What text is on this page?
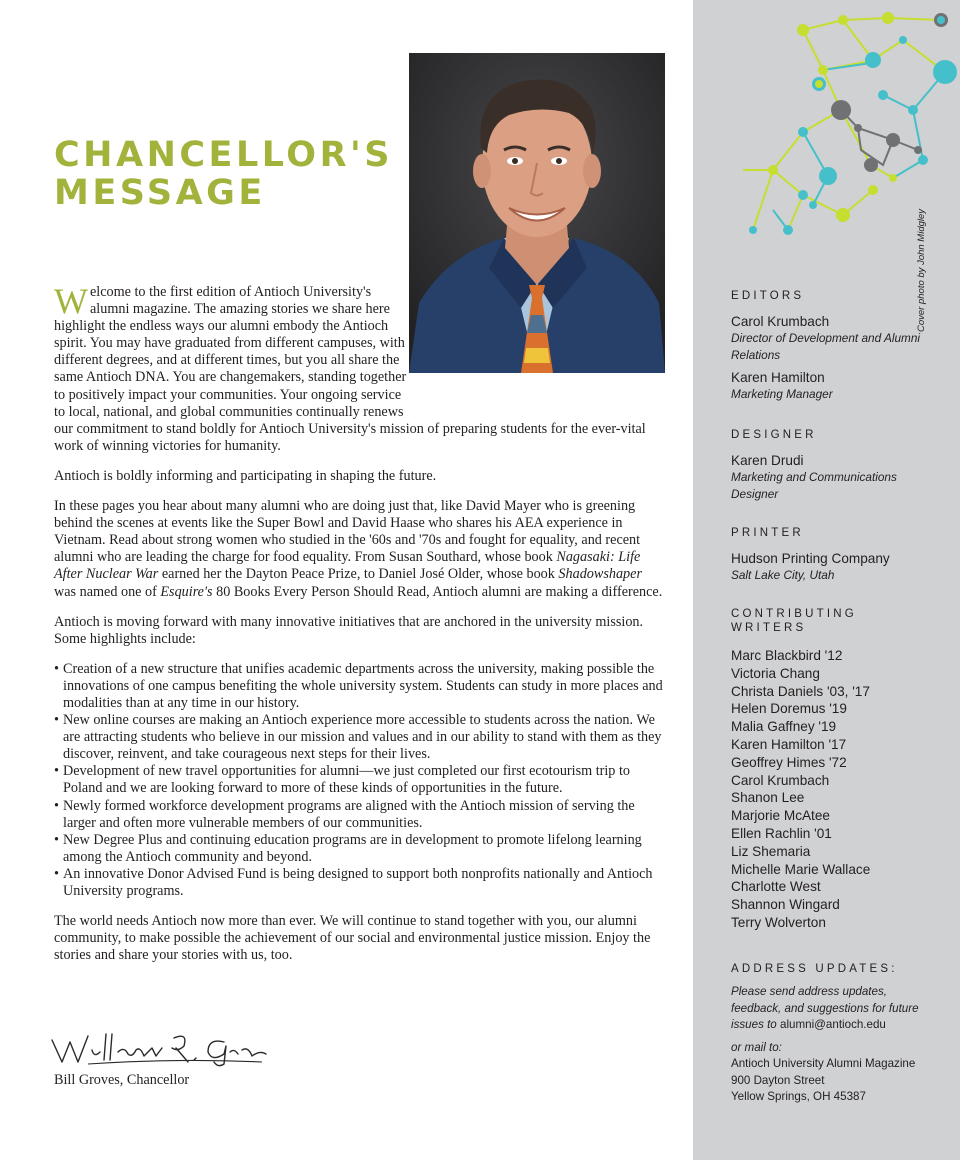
CHANCELLOR'S MESSAGE

Welcome to the first edition of Antioch University's alumni magazine. The amazing stories we share here highlight the endless ways our alumni embody the Antioch spirit. You may have graduated from different campuses, with different degrees, and at different times, but you all share the same Antioch DNA. You are changemakers, standing together to positively impact your communities. Your ongoing service to local, national, and global communities continually renews our commitment to stand boldly for Antioch University's mission of preparing students for the ever-vital work of winning victories for humanity.

Antioch is boldly informing and participating in shaping the future.

In these pages you hear about many alumni who are doing just that, like David Mayer who is greening behind the scenes at events like the Super Bowl and David Haase who shares his AEA experience in Vietnam. Read about strong women who studied in the '60s and '70s and fought for equality, and recent alumni who are leading the charge for food equality. From Susan Southard, whose book Nagasaki: Life After Nuclear War earned her the Dayton Peace Prize, to Daniel José Older, whose book Shadowshaper was named one of Esquire's 80 Books Every Person Should Read, Antioch alumni are making a difference.

Antioch is moving forward with many innovative initiatives that are anchored in the university mission. Some highlights include:

• Creation of a new structure that unifies academic departments across the university, making possible the innovations of one campus benefiting the whole university system. Students can study in more places and modalities than at any time in our history.
• New online courses are making an Antioch experience more accessible to students across the nation. We are attracting students who believe in our mission and values and in our ability to stand with them as they discover, reinvent, and take courageous next steps for their lives.
• Development of new travel opportunities for alumni—we just completed our first ecotourism trip to Poland and we are looking forward to more of these kinds of opportunities in the future.
• Newly formed workforce development programs are aligned with the Antioch mission of serving the larger and often more vulnerable members of our communities.
• New Degree Plus and continuing education programs are in development to promote lifelong learning among the Antioch community and beyond.
• An innovative Donor Advised Fund is being designed to support both nonprofits nationally and Antioch University programs.

The world needs Antioch now more than ever. We will continue to stand together with you, our alumni community, to make possible the achievement of our social and environmental justice mission. Enjoy the stories and share your stories with us, too.

Bill Groves, Chancellor
EDITORS
Carol Krumbach
Director of Development and Alumni Relations
Karen Hamilton
Marketing Manager
DESIGNER
Karen Drudi
Marketing and Communications Designer
PRINTER
Hudson Printing Company
Salt Lake City, Utah
CONTRIBUTING WRITERS
Marc Blackbird '12
Victoria Chang
Christa Daniels '03, '17
Helen Doremus '19
Malia Gaffney '19
Karen Hamilton '17
Geoffrey Himes '72
Carol Krumbach
Shanon Lee
Marjorie McAtee
Ellen Rachlin '01
Liz Shemaria
Michelle Marie Wallace
Charlotte West
Shannon Wingard
Terry Wolverton
ADDRESS UPDATES:
Please send address updates, feedback, and suggestions for future issues to alumni@antioch.edu
or mail to:
Antioch University Alumni Magazine
900 Dayton Street
Yellow Springs, OH 45387
Cover photo by John Midgley
